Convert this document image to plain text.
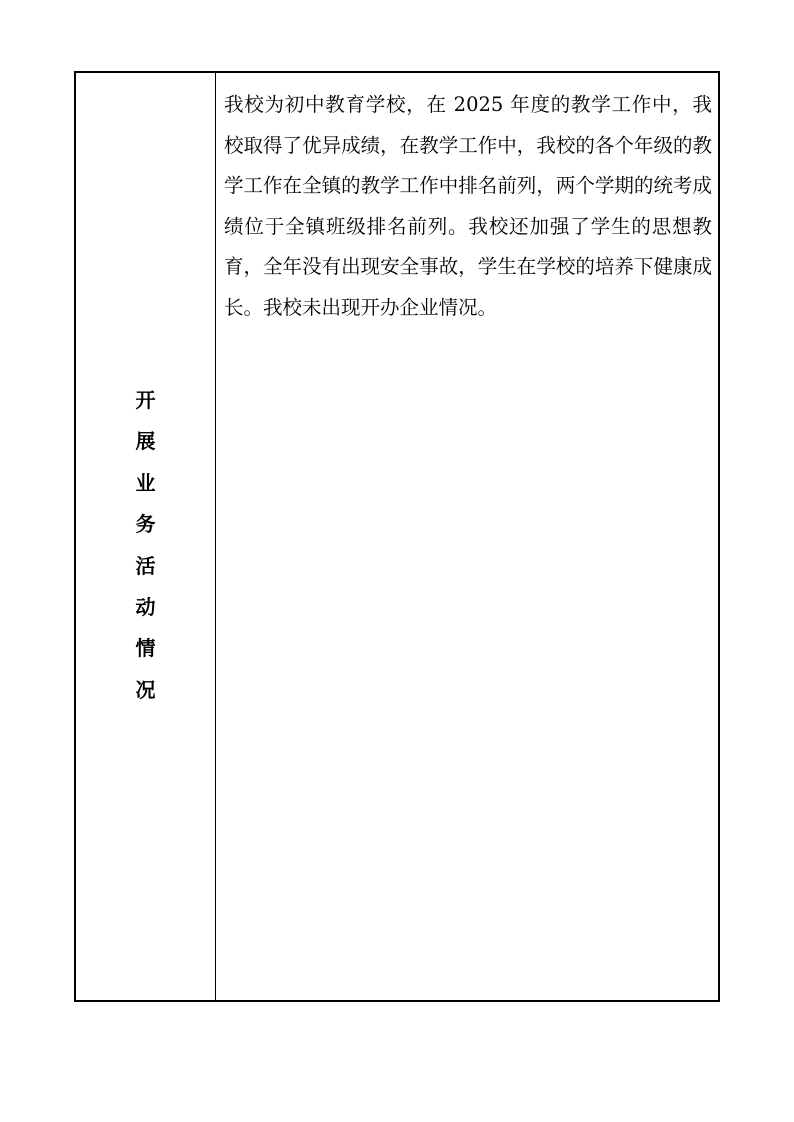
开
展
业
务
活
动
情
况

我校为初中教育学校，在 2025 年度的教学工作中，我校取得了优异成绩，在教学工作中，我校的各个年级的教学工作在全镇的教学工作中排名前列，两个学期的统考成绩位于全镇班级排名前列。我校还加强了学生的思想教育，全年没有出现安全事故，学生在学校的培养下健康成长。我校未出现开办企业情况。
